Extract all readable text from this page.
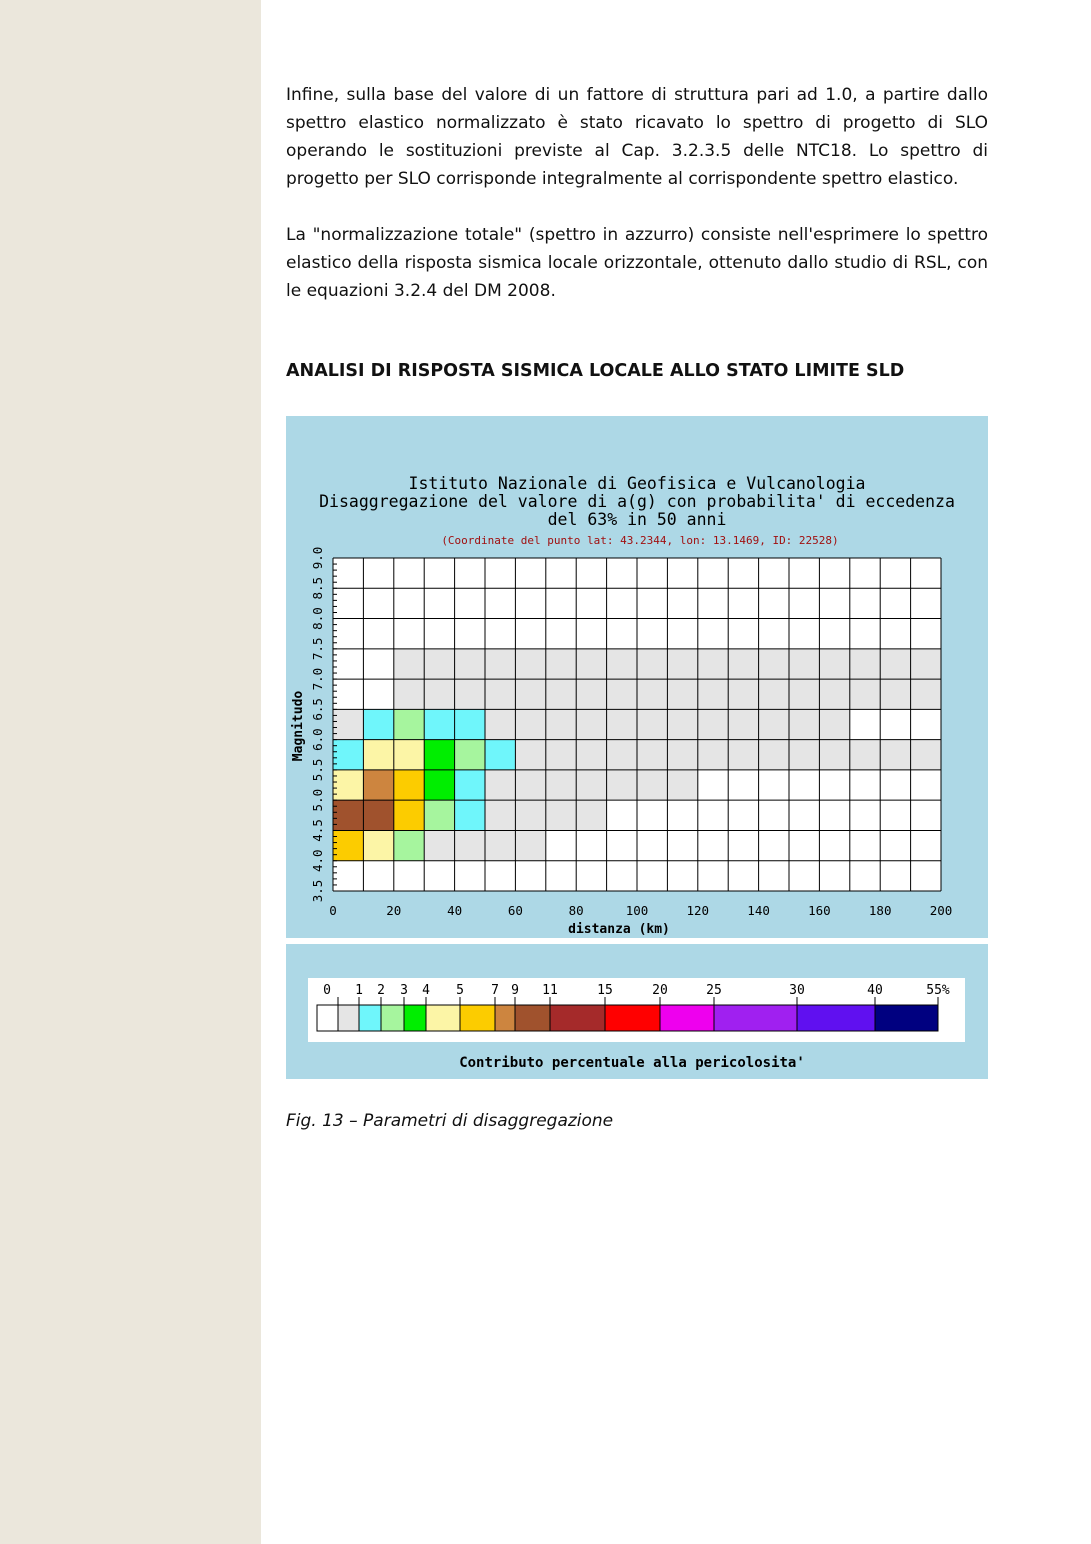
Infine, sulla base del valore di un fattore di struttura pari ad 1.0, a partire dallo spettro elastico normalizzato è stato ricavato lo spettro di progetto di SLO operando le sostituzioni previste al Cap. 3.2.3.5 delle NTC18. Lo spettro di progetto per SLO corrisponde integralmente al corrispondente spettro elastico.

La "normalizzazione totale" (spettro in azzurro) consiste nell'esprimere lo spettro elastico della risposta sismica locale orizzontale, ottenuto dallo studio di RSL, con le equazioni 3.2.4 del DM 2008.

ANALISI DI RISPOSTA SISMICA LOCALE ALLO STATO LIMITE SLD
Istituto Nazionale di Geofisica e Vulcanologia
Disaggregazione del valore di a(g) con probabilita' di eccedenza
del 63% in 50 anni
(Coordinate del punto lat: 43.2344, lon: 13.1469, ID: 22528)
0	20	40	60	80	100	120	140	160	180	200
3.5
4.0
4.5
5.0
5.5
6.0
6.5
7.0
7.5
8.0
8.5
9.0
distanza (km)
Magnitudo
0 1 2 3 4 5 7 9 11	15	20	25	30	40	55%
Contributo percentuale alla pericolosita'
Fig. 13 – Parametri di disaggregazione
